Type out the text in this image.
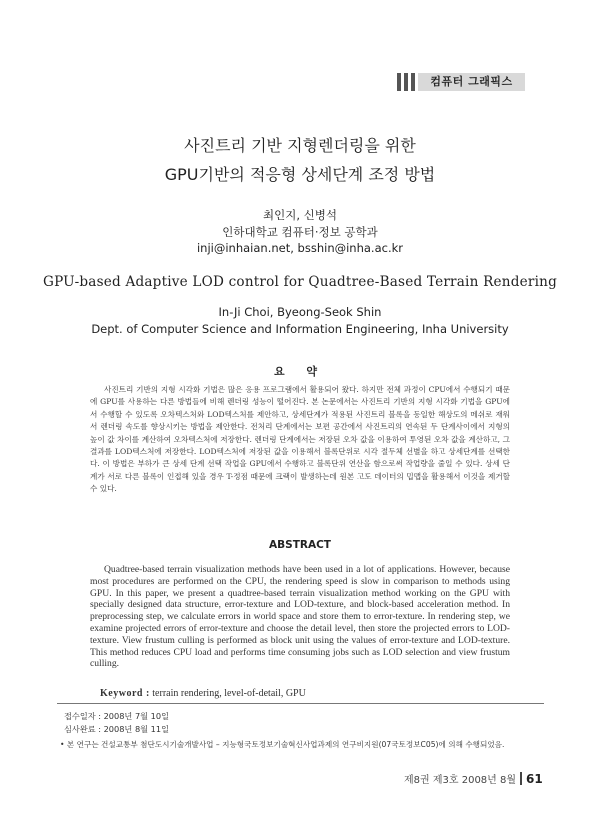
컴퓨터 그래픽스
사진트리 기반 지형렌더링을 위한
GPU기반의 적응형 상세단계 조정 방법
최인지, 신병석
인하대학교 컴퓨터·정보 공학과
inji@inhaian.net, bsshin@inha.ac.kr
GPU-based Adaptive LOD control for Quadtree-Based Terrain Rendering
In-Ji Choi, Byeong-Seok Shin
Dept. of Computer Science and Information Engineering, Inha University
요 약
사진트리 기반의 지형 시각화 기법은 많은 응용 프로그램에서 활용되어 왔다. 하지만 전체 과정이 CPU에서 수행되기 때문에 GPU를 사용하는 다른 방법들에 비해 렌더링 성능이 떨어진다. 본 논문에서는 사진트리 기반의 지형 시각화 기법을 GPU에서 수행할 수 있도록 오차텍스처와 LOD텍스처를 제안하고, 상세단계가 적용된 사진트리 블록을 동일한 해상도의 메쉬로 재워서 렌더링 속도를 향상시키는 방법을 제안한다. 전처리 단계에서는 보편 공간에서 사진트리의 연속된 두 단계사이에서 지형의 높이 값 차이를 계산하여 오차텍스처에 저장한다. 렌더링 단계에서는 저장된 오차 값을 이용하여 투영된 오차 값을 계산하고, 그 결과를 LOD텍스처에 저장한다. LOD텍스처에 저장된 값을 이용해서 블록단위로 시각 절두체 선별을 하고 상세단계를 선택한다. 이 방법은 부하가 큰 상세 단계 선택 작업을 GPU에서 수행하고 블록단위 연산을 함으로써 작업량을 줄일 수 있다. 상세 단계가 서로 다른 블록이 인접해 있을 경우 T-정점 때문에 크랙이 발생하는데 원본 고도 데이터의 밉맵을 활용해서 이것을 제거할 수 있다.
ABSTRACT
Quadtree-based terrain visualization methods have been used in a lot of applications. However, because most procedures are performed on the CPU, the rendering speed is slow in comparison to methods using GPU. In this paper, we present a quadtree-based terrain visualization method working on the GPU with specially designed data structure, error-texture and LOD-texture, and block-based acceleration method. In preprocessing step, we calculate errors in world space and store them to error-texture. In rendering step, we examine projected errors of error-texture and choose the detail level, then store the projected errors to LOD-texture. View frustum culling is performed as block unit using the values of error-texture and LOD-texture. This method reduces CPU load and performs time consuming jobs such as LOD selection and view frustum culling.
Keyword : terrain rendering, level-of-detail, GPU
접수일자 : 2008년 7월 10일
심사완료 : 2008년 8월 11일
• 본 연구는 건설교통부 첨단도시기술개발사업 – 지능형국토정보기술혁신사업과제의 연구비지원(07국토정보C05)에 의해 수행되었음.
제8권 제3호 2008년 8월 61
